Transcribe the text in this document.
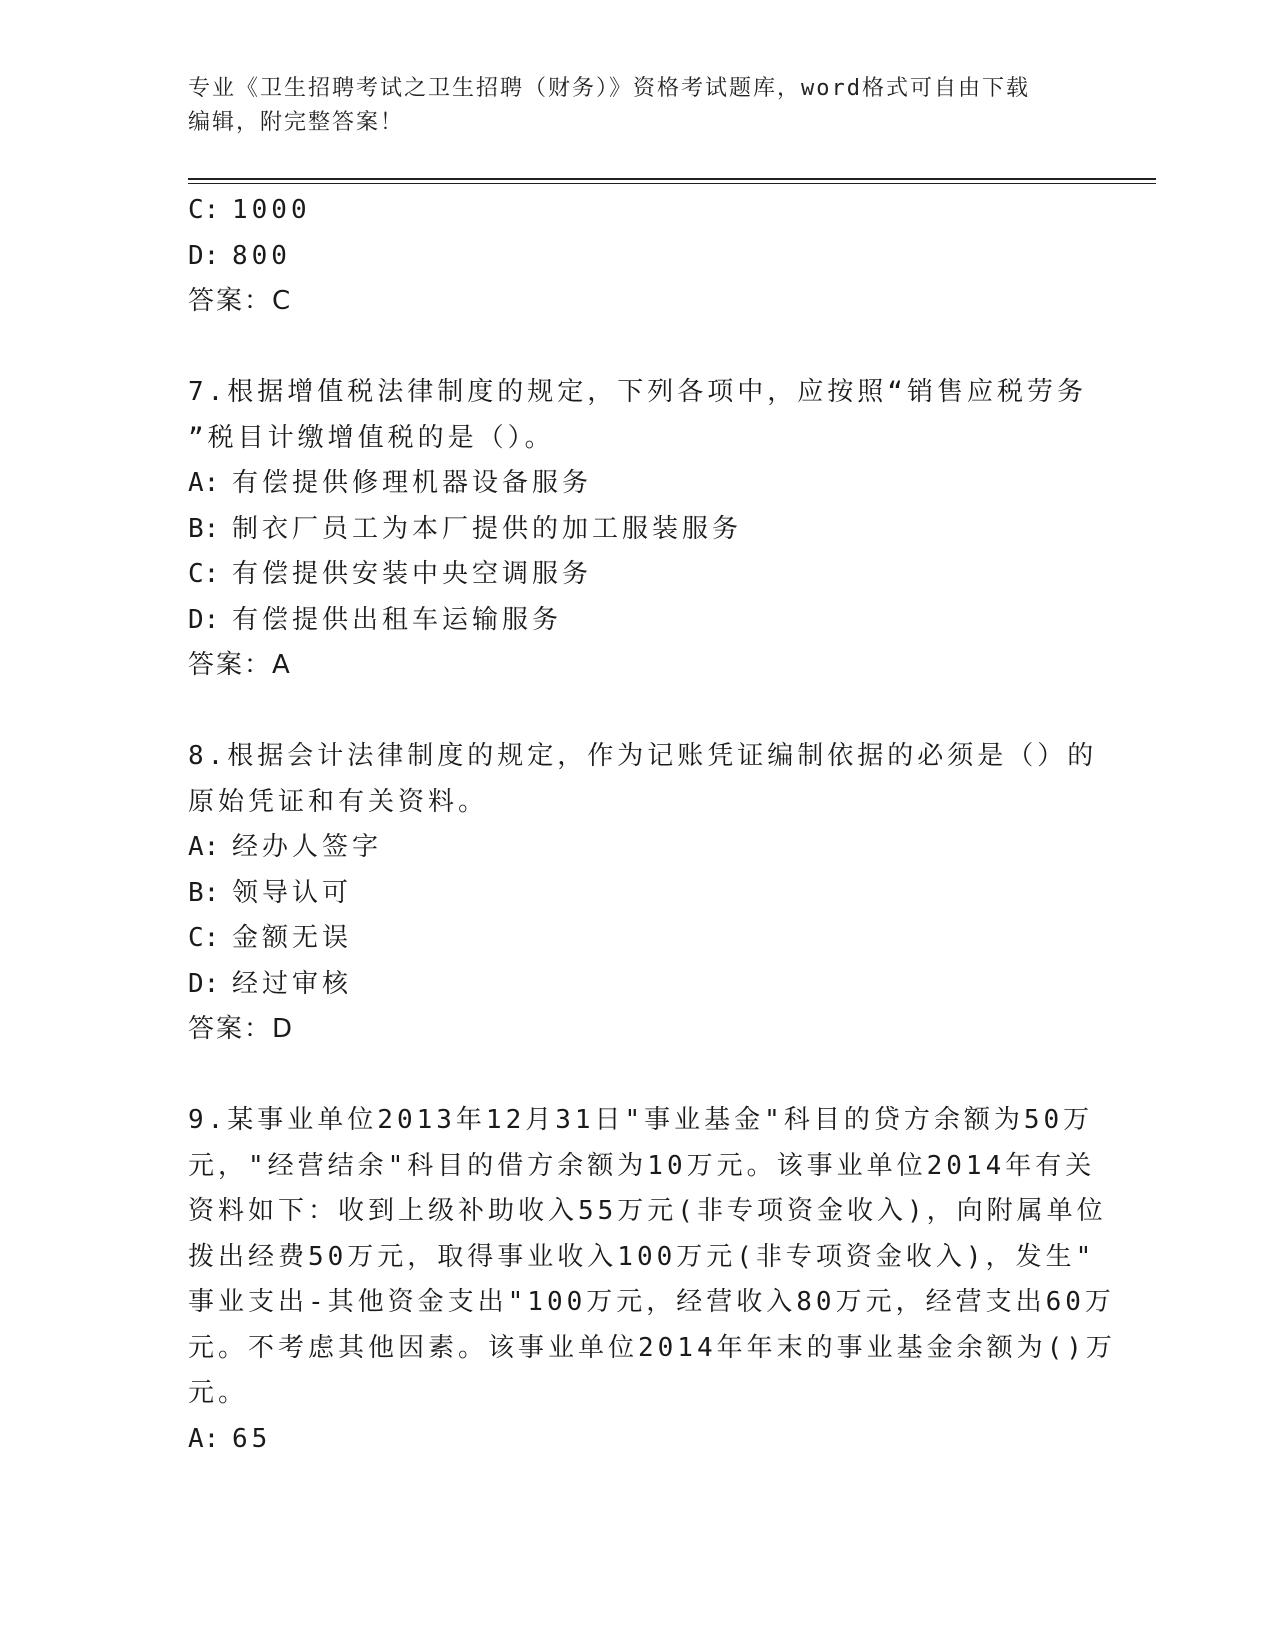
专业《卫生招聘考试之卫生招聘（财务）》资格考试题库，word格式可自由下载
编辑，附完整答案！
C: 1000
D: 800
答案：C
7.根据增值税法律制度的规定，下列各项中，应按照“销售应税劳务
”税目计缴增值税的是（）。
A: 有偿提供修理机器设备服务
B: 制衣厂员工为本厂提供的加工服装服务
C: 有偿提供安装中央空调服务
D: 有偿提供出租车运输服务
答案：A
8.根据会计法律制度的规定，作为记账凭证编制依据的必须是（）的
原始凭证和有关资料。
A: 经办人签字
B: 领导认可
C: 金额无误
D: 经过审核
答案：D
9.某事业单位2013年12月31日"事业基金"科目的贷方余额为50万
元，"经营结余"科目的借方余额为10万元。该事业单位2014年有关
资料如下：收到上级补助收入55万元(非专项资金收入)，向附属单位
拨出经费50万元，取得事业收入100万元(非专项资金收入)，发生"
事业支出-其他资金支出"100万元，经营收入80万元，经营支出60万
元。不考虑其他因素。该事业单位2014年年末的事业基金余额为()万
元。
A: 65
